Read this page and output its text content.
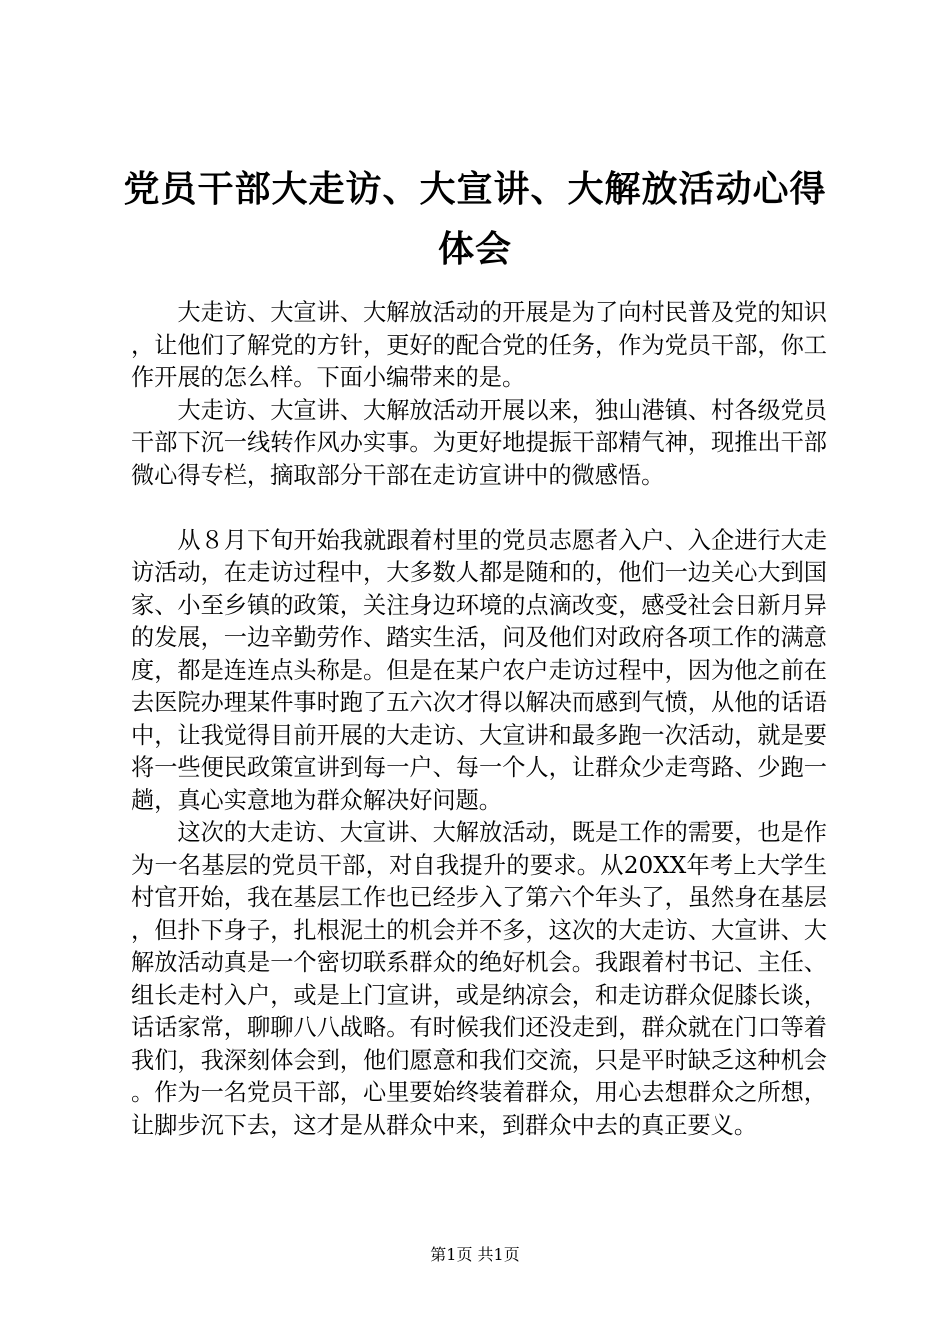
党员干部大走访、大宣讲、大解放活动心得体会

大走访、大宣讲、大解放活动的开展是为了向村民普及党的知识，让他们了解党的方针，更好的配合党的任务，作为党员干部，你工作开展的怎么样。下面小编带来的是。

大走访、大宣讲、大解放活动开展以来，独山港镇、村各级党员干部下沉一线转作风办实事。为更好地提振干部精气神，现推出干部微心得专栏，摘取部分干部在走访宣讲中的微感悟。

从８月下旬开始我就跟着村里的党员志愿者入户、入企进行大走访活动，在走访过程中，大多数人都是随和的，他们一边关心大到国家、小至乡镇的政策，关注身边环境的点滴改变，感受社会日新月异的发展，一边辛勤劳作、踏实生活，问及他们对政府各项工作的满意度，都是连连点头称是。但是在某户农户走访过程中，因为他之前在去医院办理某件事时跑了五六次才得以解决而感到气愤，从他的话语中，让我觉得目前开展的大走访、大宣讲和最多跑一次活动，就是要将一些便民政策宣讲到每一户、每一个人，让群众少走弯路、少跑一趟，真心实意地为群众解决好问题。

这次的大走访、大宣讲、大解放活动，既是工作的需要，也是作为一名基层的党员干部，对自我提升的要求。从20XX年考上大学生村官开始，我在基层工作也已经步入了第六个年头了，虽然身在基层，但扑下身子，扎根泥土的机会并不多，这次的大走访、大宣讲、大解放活动真是一个密切联系群众的绝好机会。我跟着村书记、主任、组长走村入户，或是上门宣讲，或是纳凉会，和走访群众促膝长谈，话话家常，聊聊八八战略。有时候我们还没走到，群众就在门口等着我们，我深刻体会到，他们愿意和我们交流，只是平时缺乏这种机会。作为一名党员干部，心里要始终装着群众，用心去想群众之所想，让脚步沉下去，这才是从群众中来，到群众中去的真正要义。

第1页 共1页
